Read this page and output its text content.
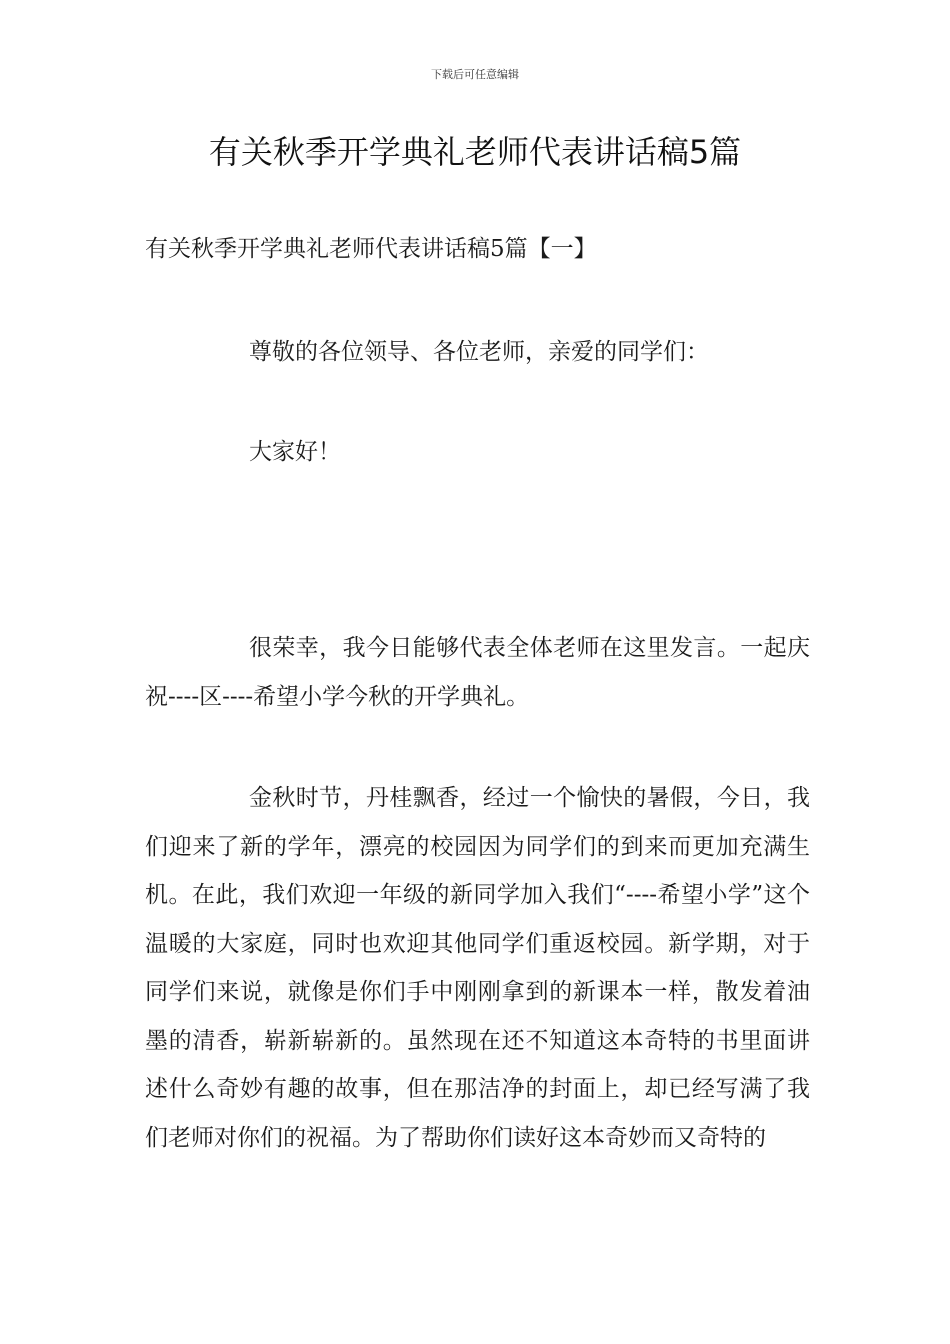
下载后可任意编辑
有关秋季开学典礼老师代表讲话稿5篇
有关秋季开学典礼老师代表讲话稿5篇【一】

尊敬的各位领导、各位老师，亲爱的同学们：

大家好！

很荣幸，我今日能够代表全体老师在这里发言。一起庆祝----区----希望小学今秋的开学典礼。

金秋时节，丹桂飘香，经过一个愉快的暑假，今日，我们迎来了新的学年，漂亮的校园因为同学们的到来而更加充满生机。在此，我们欢迎一年级的新同学加入我们“----希望小学”这个温暖的大家庭，同时也欢迎其他同学们重返校园。新学期，对于同学们来说，就像是你们手中刚刚拿到的新课本一样，散发着油墨的清香，崭新崭新的。虽然现在还不知道这本奇特的书里面讲述什么奇妙有趣的故事，但在那洁净的封面上，却已经写满了我们老师对你们的祝福。为了帮助你们读好这本奇妙而又奇特的
